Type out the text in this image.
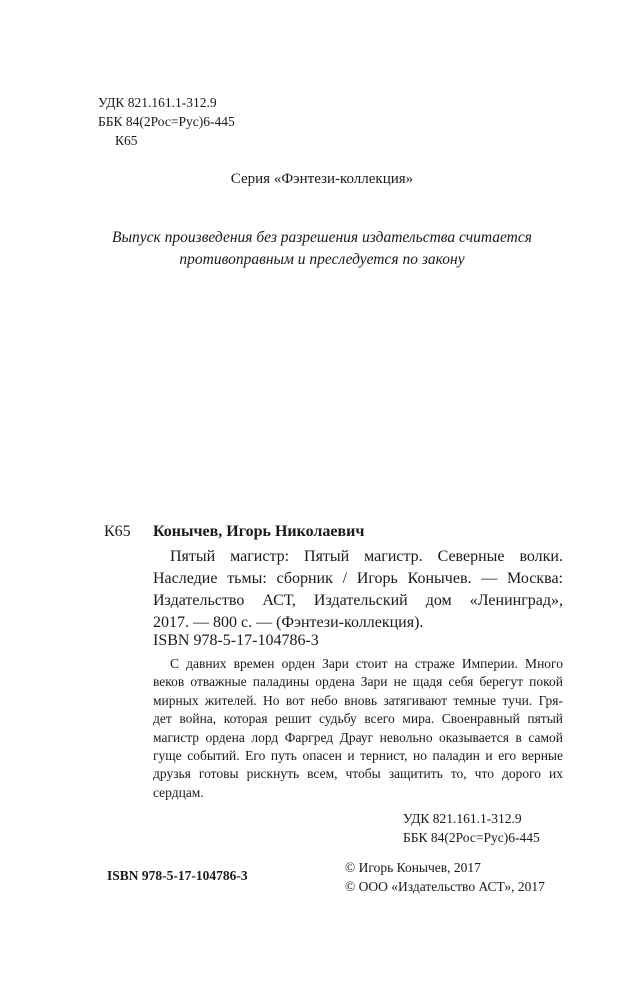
УДК 821.161.1-312.9
ББК 84(2Рос=Рус)6-445
К65
Серия «Фэнтези-коллекция»
Выпуск произведения без разрешения издательства считается
противоправным и преследуется по закону
К65 Конычев, Игорь Николаевич
Пятый магистр: Пятый магистр. Северные волки.
Наследие тьмы: сборник / Игорь Конычев. — Москва:
Издательство АСТ, Издательский дом «Ленинград»,
2017. — 800 с. — (Фэнтези-коллекция).
ISBN 978-5-17-104786-3
С давних времен орден Зари стоит на страже Империи. Много
веков отважные паладины ордена Зари не щадя себя берегут покой
мирных жителей. Но вот небо вновь затягивают темные тучи. Гря-
дет война, которая решит судьбу всего мира. Своенравный пятый
магистр ордена лорд Фаргред Драуг невольно оказывается в самой
гуще событий. Его путь опасен и тернист, но паладин и его верные
друзья готовы рискнуть всем, чтобы защитить то, что дорого их
сердцам.
УДК 821.161.1-312.9
ББК 84(2Рос=Рус)6-445
ISBN 978-5-17-104786-3
© Игорь Конычев, 2017
© ООО «Издательство АСТ», 2017
